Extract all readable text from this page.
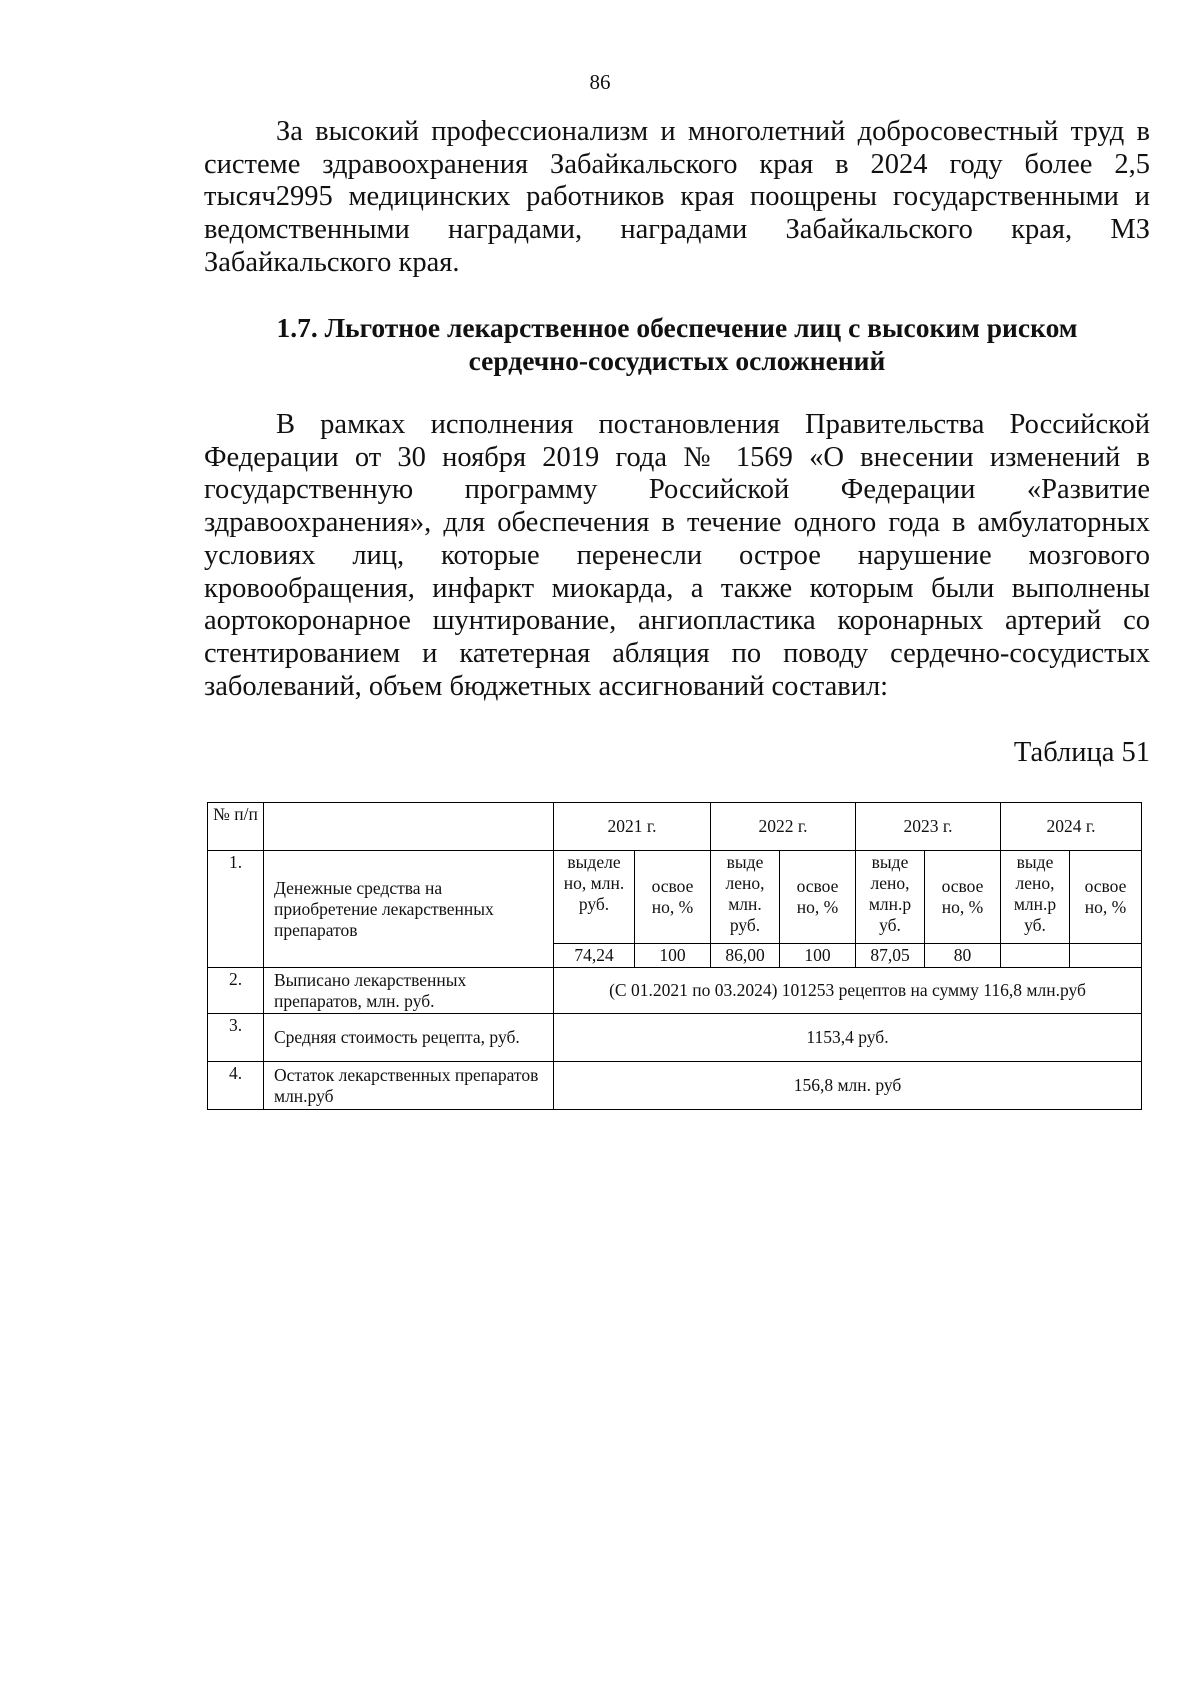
86

За высокий профессионализм и многолетний добросовестный труд в системе здравоохранения Забайкальского края в 2024 году более 2,5 тысяч2995 медицинских работников края поощрены государственными и ведомственными наградами, наградами Забайкальского края, МЗ Забайкальского края.

1.7. Льготное лекарственное обеспечение лиц с высоким риском
сердечно-сосудистых осложнений

В рамках исполнения постановления Правительства Российской Федерации от 30 ноября 2019 года № 1569 «О внесении изменений в государственную программу Российской Федерации «Развитие здравоохранения», для обеспечения в течение одного года в амбулаторных условиях лиц, которые перенесли острое нарушение мозгового кровообращения, инфаркт миокарда, а также которым были выполнены аортокоронарное шунтирование, ангиопластика коронарных артерий со стентированием и катетерная абляция по поводу сердечно-сосудистых заболеваний, объем бюджетных ассигнований составил:

Таблица 51
№ п/п		2021 г.		2022 г.		2023 г.		2024 г.	
1.	Денежные средства на приобретение лекарственных препаратов	выделе но, млн. руб.	освое но, %	выде лено, млн. руб.	освое но, %	выде лено, млн.р уб.	освое но, %	выде лено, млн.р уб.	освое но, %
		74,24	100	86,00	100	87,05	80		
2.	Выписано лекарственных препаратов, млн. руб.	(С 01.2021 по 03.2024) 101253 рецептов на сумму 116,8 млн.руб							
3.	Средняя стоимость рецепта, руб.	1153,4 руб.							
4.	Остаток лекарственных препаратов млн.руб	156,8 млн. руб							
